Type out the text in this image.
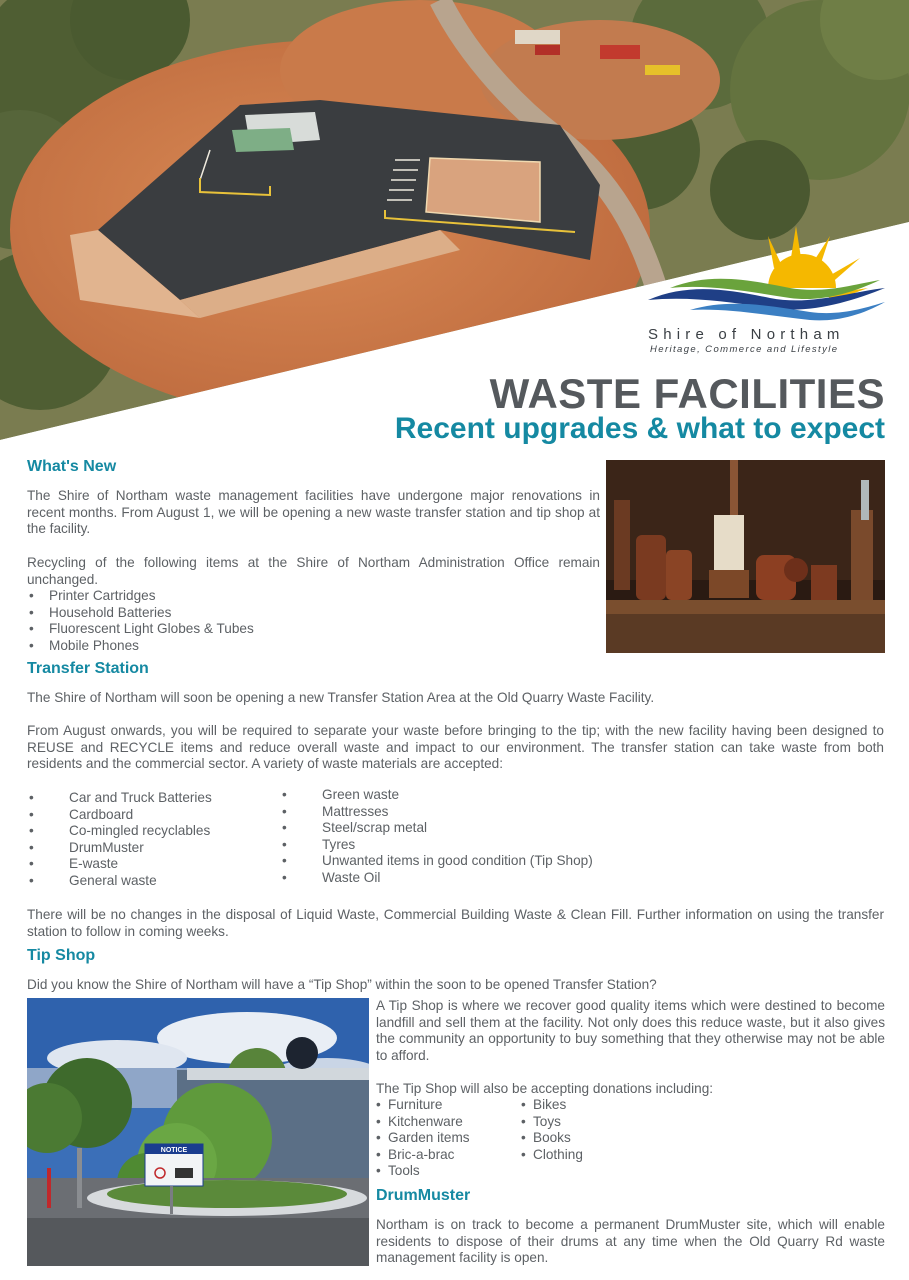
Shire of Northam
Heritage, Commerce and Lifestyle
WASTE FACILITIES
Recent upgrades & what to expect
What's New
The Shire of Northam waste management facilities have undergone major renovations in recent months. From August 1, we will be opening a new waste transfer station and tip shop at the facility.
Recycling of the following items at the Shire of Northam Administration Office remain unchanged.
• Printer Cartridges
• Household Batteries
• Fluorescent Light Globes & Tubes
• Mobile Phones
Transfer Station
The Shire of Northam will soon be opening a new Transfer Station Area at the Old Quarry Waste Facility.
From August onwards, you will be required to separate your waste before bringing to the tip; with the new facility having been designed to REUSE and RECYCLE items and reduce overall waste and impact to our environment. The transfer station can take waste from both residents and the commercial sector. A variety of waste materials are accepted:
• Car and Truck Batteries
• Cardboard
• Co-mingled recyclables
• DrumMuster
• E-waste
• General waste
• Green waste
• Mattresses
• Steel/scrap metal
• Tyres
• Unwanted items in good condition (Tip Shop)
• Waste Oil
There will be no changes in the disposal of Liquid Waste, Commercial Building Waste & Clean Fill. Further information on using the transfer station to follow in coming weeks.
Tip Shop
Did you know the Shire of Northam will have a “Tip Shop” within the soon to be opened Transfer Station?
NOTICE
A Tip Shop is where we recover good quality items which were destined to become landfill and sell them at the facility. Not only does this reduce waste, but it also gives the community an opportunity to buy something that they otherwise may not be able to afford.
The Tip Shop will also be accepting donations including:
• Furniture
• Kitchenware
• Garden items
• Bric-a-brac
• Tools
• Bikes
• Toys
• Books
• Clothing
DrumMuster
Northam is on track to become a permanent DrumMuster site, which will enable residents to dispose of their drums at any time when the Old Quarry Rd waste management facility is open.
